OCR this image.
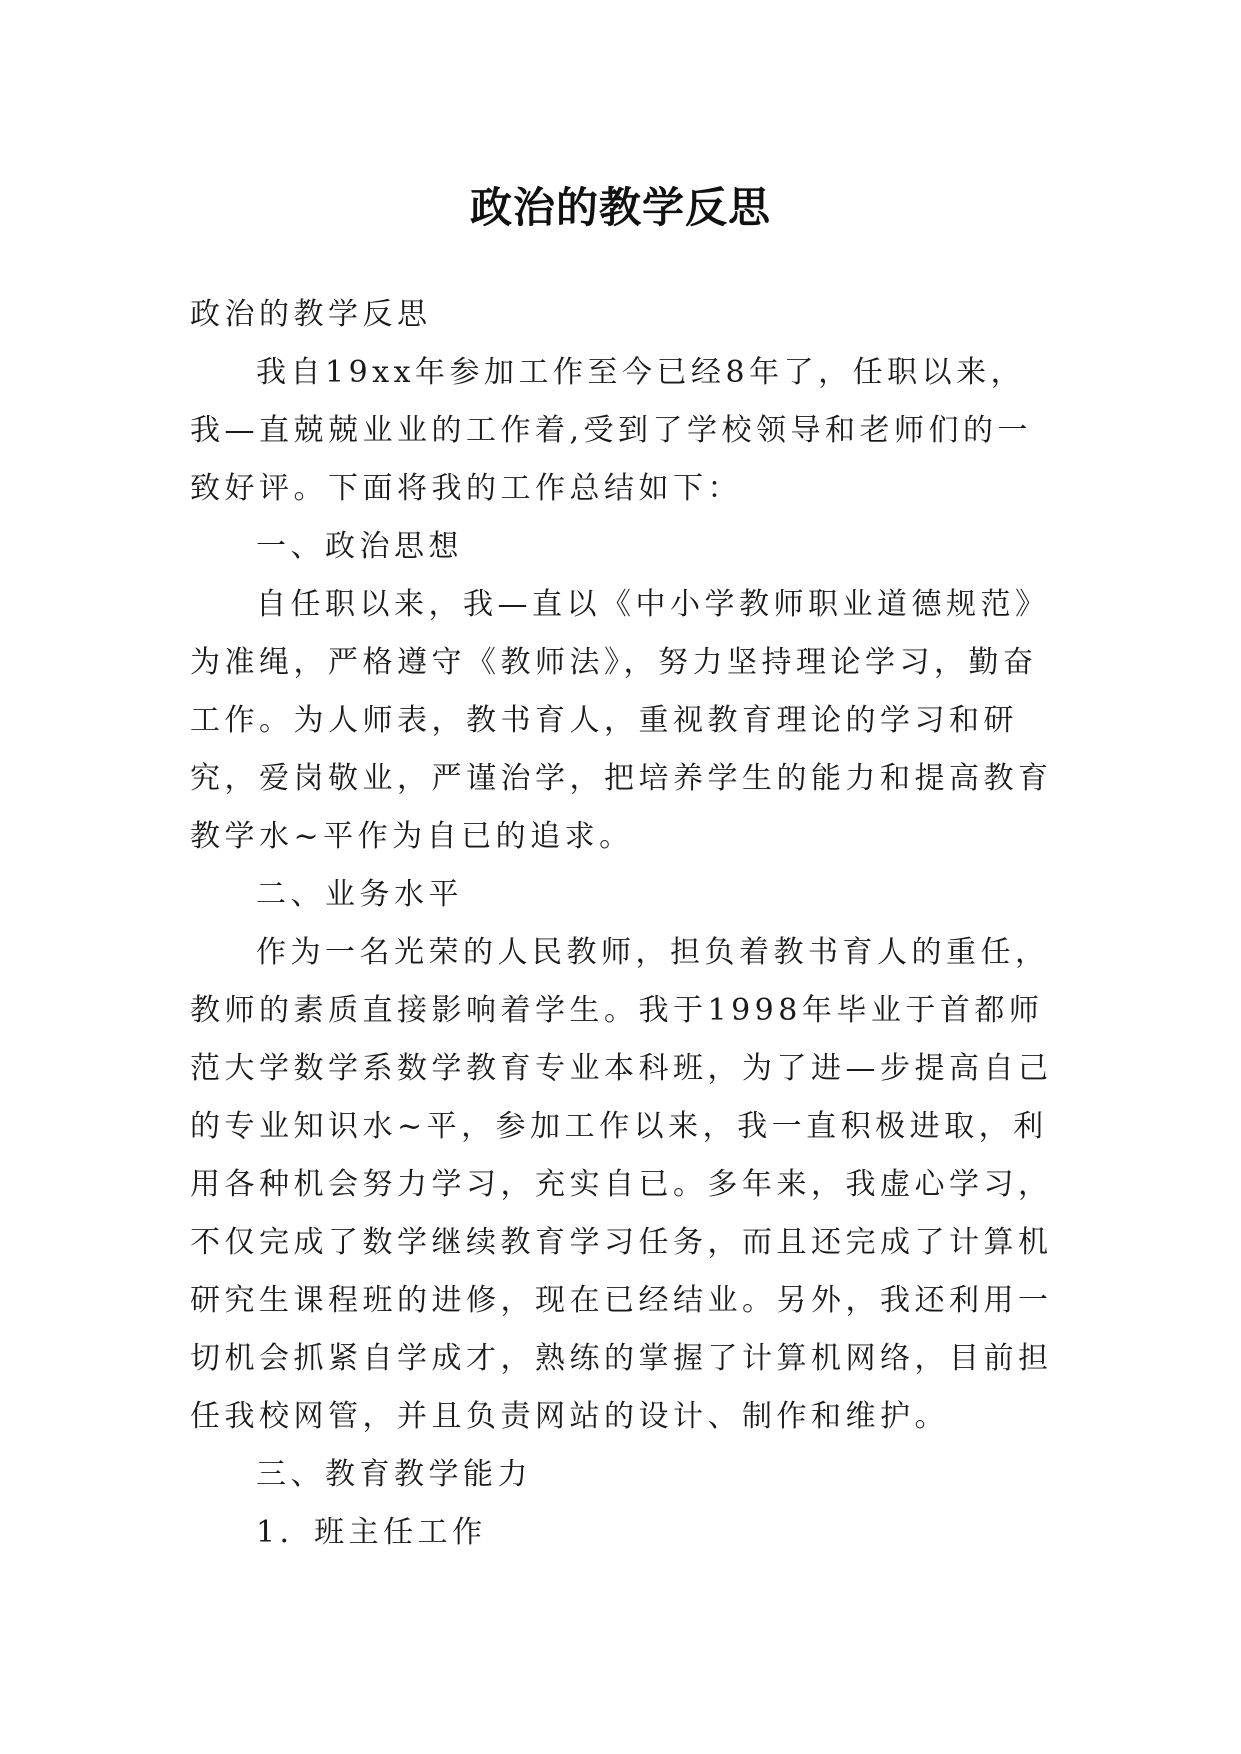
政治的教学反思

政治的教学反思

我自19xx年参加工作至今已经8年了，任职以来，我—直兢兢业业的工作着,受到了学校领导和老师们的一致好评。下面将我的工作总结如下：

一、政治思想

自任职以来，我—直以《中小学教师职业道德规范》为准绳，严格遵守《教师法》，努力坚持理论学习，勤奋工作。为人师表，教书育人，重视教育理论的学习和研究，爱岗敬业，严谨治学，把培养学生的能力和提高教育教学水~平作为自已的追求。

二、业务水平

作为一名光荣的人民教师，担负着教书育人的重任，教师的素质直接影响着学生。我于1998年毕业于首都师范大学数学系数学教育专业本科班，为了进—步提高自己的专业知识水~平，参加工作以来，我一直积极进取，利用各种机会努力学习，充实自已。多年来，我虚心学习，不仅完成了数学继续教育学习任务，而且还完成了计算机研究生课程班的进修，现在已经结业。另外，我还利用一切机会抓紧自学成才，熟练的掌握了计算机网络，目前担任我校网管，并且负责网站的设计、制作和维护。

三、教育教学能力

1．班主任工作
